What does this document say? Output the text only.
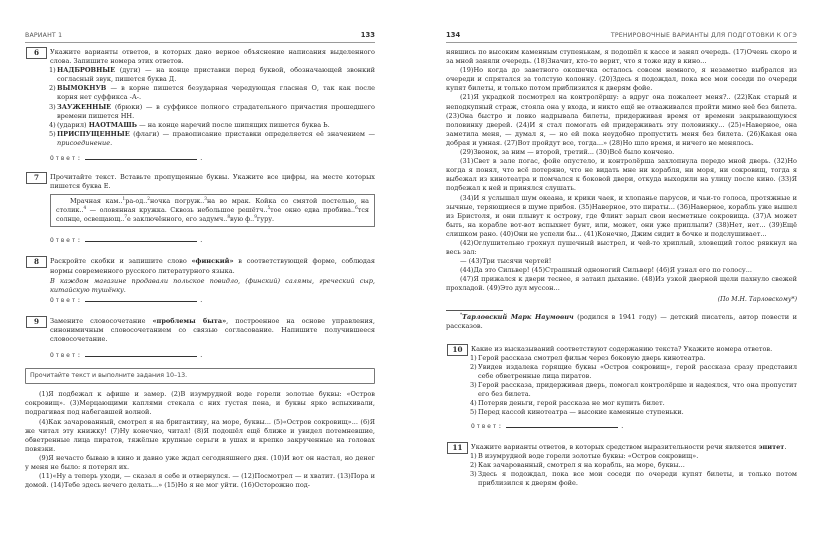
ВАРИАНТ 1	133
6	Укажите варианты ответов, в которых дано верное объяснение написания выделенного слова. Запишите номера этих ответов.

1) НАДБРОВНЫЕ (дуги) — на конце приставки перед буквой, обозначающей звонкий согласный звук, пишется буква Д.
2) ВЫМОКНУВ — в корне пишется безударная чередующая гласная О, так как после корня нет суффикса -А-.
3) ЗАУЖЕННЫЕ (брюки) — в суффиксе полного страдательного причастия прошедшего времени пишется НН.
4) (ударил) НАОТМАШЬ — на конце наречий после шипящих пишется буква Ь.
5) ПРИСПУЩЕННЫЕ (флаги) — правописание приставки определяется её значением — присоединение.
Ответ:	.
7	Прочитайте текст. Вставьте пропущенные буквы. Укажите все цифры, на месте которых пишется буква Е.

Мрачная кам..$^1$ра-од..$^2$ночка погруж..$^3$на во мрак. Койка со смятой постелью, на столик..$^4$ — оловянная кружка. Сквозь небольшое решётч..$^5$тое окно едва пробива..$^6$тся солнце, освещающ..$^7$е заключённого, его задумч..$^8$вую ф..$^9$гуру.
Ответ:	.
8	Раскройте скобки и запишите слово «финский» в соответствующей форме, соблюдая нормы современного русского литературного языка.

В каждом магазине продавали польское повидло, (финский) салямы, греческий сыр, китайскую тушёнку.

Ответ:	.
9	Замените словосочетание «проблемы быта», построенное на основе управления, синонимичным словосочетанием со связью согласование. Напишите получившееся словосочетание.

Ответ:	.
Прочитайте текст и выполните задания 10–13.

(1)Я подбежал к афише и замер. (2)В изумрудной воде горели золотые буквы: «Остров сокровищ». (3)Мерцающими каплями стекала с них густая пена, и буквы ярко вспыхивали, подрагивая под набегавшей волной.

(4)Как зачарованный, смотрел я на бригантину, на море, буквы... (5)«Остров сокровищ»... (6)Я же читал эту книжку! (7)Ну конечно, читал! (8)Я подошёл ещё ближе и увидел потемневшие, обветренные лица пиратов, тяжёлые крупные серьги в ушах и крепко закрученные на головах повязки.

(9)Я нечасто бываю в кино и давно уже ждал сегодняшнего дня. (10)И вот он настал, но денег у меня не было: я потерял их.

(11)«Ну а теперь уходи, — сказал я себе и отвернулся. — (12)Посмотрел — и хватит. (13)Пора и домой. (14)Тебе здесь нечего делать...» (15)Но я не мог уйти. (16)Осторожно под-

134	ТРЕНИРОВОЧНЫЕ ВАРИАНТЫ ДЛЯ ПОДГОТОВКИ К ОГЭ

нявшись по высоким каменным ступенькам, я подошёл к кассе и занял очередь. (17)Очень скоро и за мной заняли очередь. (18)Значит, кто-то верит, что я тоже иду в кино...

(19)Но когда до заветного окошечка осталось совсем немного, я незаметно выбрался из очереди и спрятался за толстую колонну. (20)Здесь я подождал, пока все мои соседи по очереди купят билеты, и только потом приблизился к дверям фойе.

(21)Я украдкой посмотрел на контролёршу: а вдруг она пожалеет меня?.. (22)Как старый и неподкупный страж, стояла она у входа, и никто ещё не отваживался пройти мимо неё без билета. (23)Она быстро и ловко надрывала билеты, придерживая время от времени закрывающуюся половинку дверей. (24)И я стал помогать ей придерживать эту половинку... (25)«Наверное, она заметила меня, — думал я, — но ей пока неудобно пропустить меня без билета. (26)Какая она добрая и умная. (27)Вот пройдут все, тогда...» (28)Но шло время, и ничего не менялось.

(29)Звонок, за ним — второй, третий... (30)Всё было кончено.

(31)Свет в зале погас, фойе опустело, и контролёрша захлопнула передо мной дверь. (32)Но когда я понял, что всё потеряно, что не видать мне ни корабля, ни моря, ни сокровищ, тогда я выбежал из кинотеатра и помчался к боковой двери, откуда выходили на улицу после кино. (33)Я подбежал к ней и принялся слушать.

(34)И я услышал шум океана, и крики чаек, и хлопанье парусов, и чьи-то голоса, протяжные и зычные, теряющиеся в шуме прибоя. (35)Наверное, это пираты... (36)Наверное, корабль уже вышел из Бристоля, и они плывут к острову, где Флинт зарыл свои несметные сокровища. (37)А может быть, на корабле вот-вот вспыхнет бунт, или, может, они уже приплыли? (38)Нет, нет... (39)Ещё слишком рано. (40)Они не успели бы... (41)Конечно, Джим сидит в бочке и подслушивает...

(42)Оглушительно грохнул пушечный выстрел, и чей-то хриплый, зловещий голос рявкнул на весь зал:

— (43)Три тысячи чертей!

(44)Да это Сильвер! (45)Страшный одноногий Сильвер! (46)Я узнал его по голосу...

(47)Я прижался к двери теснее, я затаил дыхание. (48)Из узкой дверной щели пахнуло свежей прохладой. (49)Это дул муссон...

(По М.Н. Тарловскому*)

*Тарловский Марк Наумович (родился в 1941 году) — детский писатель, автор повести и рассказов.

10	Какие из высказываний соответствуют содержанию текста? Укажите номера ответов.

1) Герой рассказа смотрел фильм через боковую дверь кинотеатра.
2) Увидев издалека горящие буквы «Остров сокровищ», герой рассказа сразу представил себе обветренные лица пиратов.
3) Герой рассказа, придерживая дверь, помогал контролёрше и надеялся, что она пропустит его без билета.
4) Потеряв деньги, герой рассказа не мог купить билет.
5) Перед кассой кинотеатра — высокие каменные ступеньки.
Ответ:	.
11	Укажите варианты ответов, в которых средством выразительности речи является эпитет.

1) В изумрудной воде горели золотые буквы: «Остров сокровищ».
2) Как зачарованный, смотрел я на корабль, на море, буквы...
3) Здесь я подождал, пока все мои соседи по очереди купят билеты, и только потом приблизился к дверям фойе.
